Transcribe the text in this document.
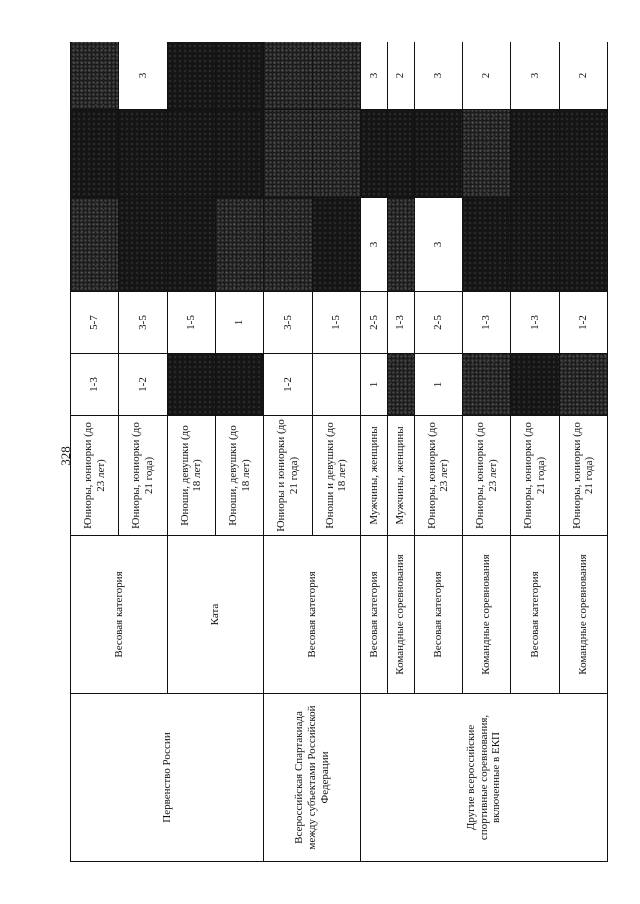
328
Первенство России	Весовая категория	Юниоры, юниорки (до 23 лет)	1-3	5-7			
		Юниоры, юниорки (до 21 года)	1-2	3-5			3
	Ката	Юноши, девушки (до 18 лет)		1-5			
		Юноши, девушки (до 18 лет)		1			
Всероссийская Спартакиада между субъектами Российской Федерации	Весовая категория	Юниоры и юниорки (до 21 года)	1-2	3-5			
		Юноши и девушки (до 18 лет)		1-5			
Другие всероссийские спортивные соревнования, включенные в ЕКП	Весовая категория	Мужчины, женщины	1	2-5	3		3
	Командные соревнования	Мужчины, женщины		1-3			2
	Весовая категория	Юниоры, юниорки (до 23 лет)	1	2-5	3		3
	Командные соревнования	Юниоры, юниорки (до 23 лет)		1-3			2
	Весовая категория	Юниоры, юниорки (до 21 года)		1-3			3
	Командные соревнования	Юниоры, юниорки (до 21 года)		1-2			2
